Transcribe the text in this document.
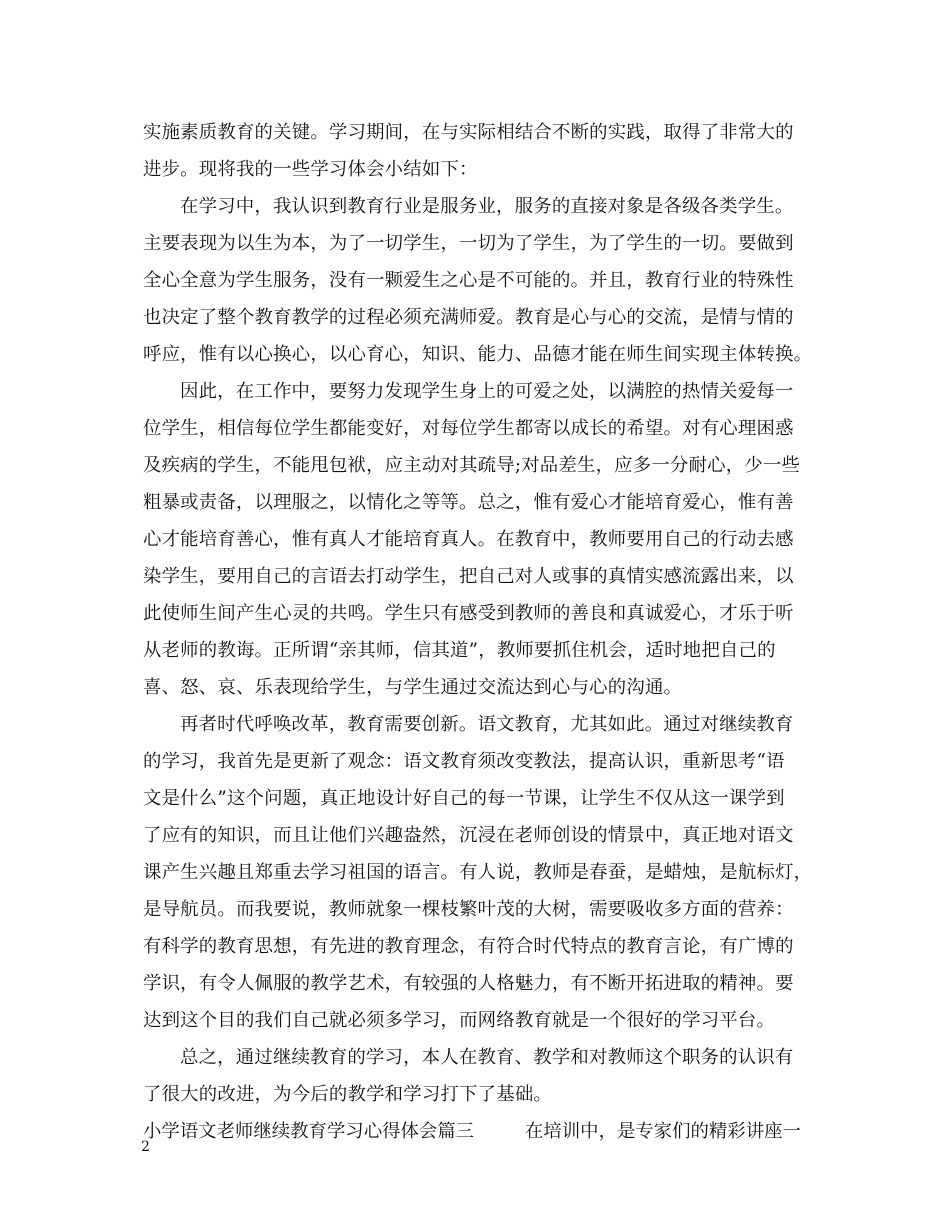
实施素质教育的关键。学习期间，在与实际相结合不断的实践，取得了非常大的
进步。现将我的一些学习体会小结如下：
在学习中，我认识到教育行业是服务业，服务的直接对象是各级各类学生。
主要表现为以生为本，为了一切学生，一切为了学生，为了学生的一切。要做到
全心全意为学生服务，没有一颗爱生之心是不可能的。并且，教育行业的特殊性
也决定了整个教育教学的过程必须充满师爱。教育是心与心的交流，是情与情的
呼应，惟有以心换心，以心育心，知识、能力、品德才能在师生间实现主体转换。
因此，在工作中，要努力发现学生身上的可爱之处，以满腔的热情关爱每一
位学生，相信每位学生都能变好，对每位学生都寄以成长的希望。对有心理困惑
及疾病的学生，不能甩包袱，应主动对其疏导;对品差生，应多一分耐心，少一些
粗暴或责备，以理服之，以情化之等等。总之，惟有爱心才能培育爱心，惟有善
心才能培育善心，惟有真人才能培育真人。在教育中，教师要用自己的行动去感
染学生，要用自己的言语去打动学生，把自己对人或事的真情实感流露出来，以
此使师生间产生心灵的共鸣。学生只有感受到教师的善良和真诚爱心，才乐于听
从老师的教诲。正所谓“亲其师，信其道”，教师要抓住机会，适时地把自己的
喜、怒、哀、乐表现给学生，与学生通过交流达到心与心的沟通。
再者时代呼唤改革，教育需要创新。语文教育，尤其如此。通过对继续教育
的学习，我首先是更新了观念：语文教育须改变教法，提高认识，重新思考“语
文是什么”这个问题，真正地设计好自己的每一节课，让学生不仅从这一课学到
了应有的知识，而且让他们兴趣盎然，沉浸在老师创设的情景中，真正地对语文
课产生兴趣且郑重去学习祖国的语言。有人说，教师是春蚕，是蜡烛，是航标灯，
是导航员。而我要说，教师就象一棵枝繁叶茂的大树，需要吸收多方面的营养：
有科学的教育思想，有先进的教育理念，有符合时代特点的教育言论，有广博的
学识，有令人佩服的教学艺术，有较强的人格魅力，有不断开拓进取的精神。要
达到这个目的我们自己就必须多学习，而网络教育就是一个很好的学习平台。
总之，通过继续教育的学习，本人在教育、教学和对教师这个职务的认识有
了很大的改进，为今后的教学和学习打下了基础。
小学语文老师继续教育学习心得体会篇三	在培训中，是专家们的精彩讲座一
2
